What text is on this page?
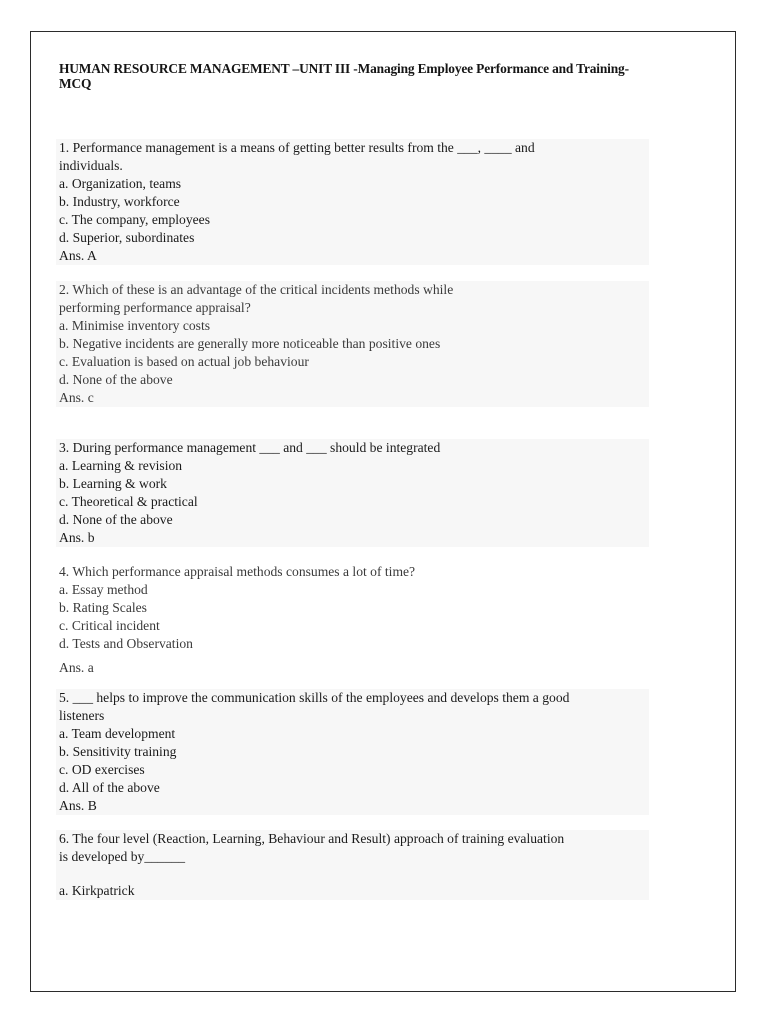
HUMAN RESOURCE MANAGEMENT –UNIT III -Managing Employee Performance and Training- MCQ
1. Performance management is a means of getting better results from the ___, ____ and
individuals.
a. Organization, teams
b. Industry, workforce
c. The company, employees
d. Superior, subordinates
Ans. A
2. Which of these is an advantage of the critical incidents methods while
performing performance appraisal?
a. Minimise inventory costs
b. Negative incidents are generally more noticeable than positive ones
c. Evaluation is based on actual job behaviour
d. None of the above
Ans. c
3. During performance management ___ and ___ should be integrated
a. Learning & revision
b. Learning & work
c. Theoretical & practical
d. None of the above
Ans. b
4. Which performance appraisal methods consumes a lot of time?
a. Essay method
b. Rating Scales
c. Critical incident
d. Tests and Observation
Ans. a
5. ___ helps to improve the communication skills of the employees and develops them a good
listeners
a. Team development
b. Sensitivity training
c. OD exercises
d. All of the above
Ans. B
6. The four level (Reaction, Learning, Behaviour and Result) approach of training evaluation
is developed by______
a. Kirkpatrick
